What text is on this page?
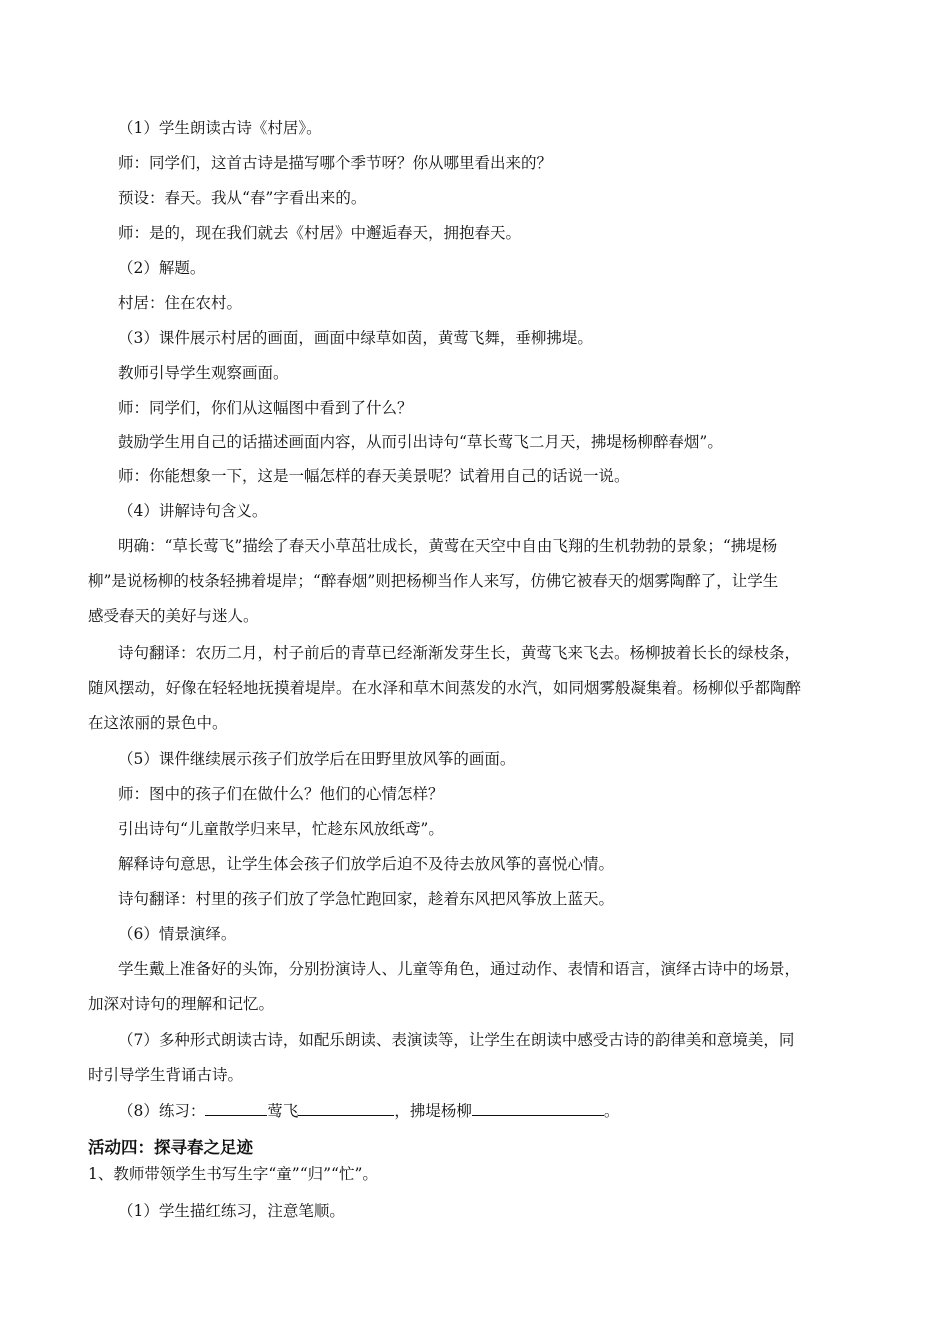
（1）学生朗读古诗《村居》。
师：同学们，这首古诗是描写哪个季节呀？你从哪里看出来的？
预设：春天。我从“春”字看出来的。
师：是的，现在我们就去《村居》中邂逅春天，拥抱春天。
（2）解题。
村居：住在农村。
（3）课件展示村居的画面，画面中绿草如茵，黄莺飞舞，垂柳拂堤。
教师引导学生观察画面。
师：同学们，你们从这幅图中看到了什么？
鼓励学生用自己的话描述画面内容，从而引出诗句“草长莺飞二月天，拂堤杨柳醉春烟”。
师：你能想象一下，这是一幅怎样的春天美景呢？试着用自己的话说一说。
（4）讲解诗句含义。
明确：“草长莺飞”描绘了春天小草茁壮成长，黄莺在天空中自由飞翔的生机勃勃的景象；“拂堤杨
柳”是说杨柳的枝条轻拂着堤岸；“醉春烟”则把杨柳当作人来写，仿佛它被春天的烟雾陶醉了，让学生
感受春天的美好与迷人。
诗句翻译：农历二月，村子前后的青草已经渐渐发芽生长，黄莺飞来飞去。杨柳披着长长的绿枝条，
随风摆动，好像在轻轻地抚摸着堤岸。在水泽和草木间蒸发的水汽，如同烟雾般凝集着。杨柳似乎都陶醉
在这浓丽的景色中。
（5）课件继续展示孩子们放学后在田野里放风筝的画面。
师：图中的孩子们在做什么？他们的心情怎样？
引出诗句“儿童散学归来早，忙趁东风放纸鸢”。
解释诗句意思，让学生体会孩子们放学后迫不及待去放风筝的喜悦心情。
诗句翻译：村里的孩子们放了学急忙跑回家，趁着东风把风筝放上蓝天。
（6）情景演绎。
学生戴上准备好的头饰，分别扮演诗人、儿童等角色，通过动作、表情和语言，演绎古诗中的场景，
加深对诗句的理解和记忆。
（7）多种形式朗读古诗，如配乐朗读、表演读等，让学生在朗读中感受古诗的韵律美和意境美，同
时引导学生背诵古诗。
（8）练习：	莺飞	，拂堤杨柳	。
活动四：探寻春之足迹
1、教师带领学生书写生字“童”“归”“忙”。
（1）学生描红练习，注意笔顺。
